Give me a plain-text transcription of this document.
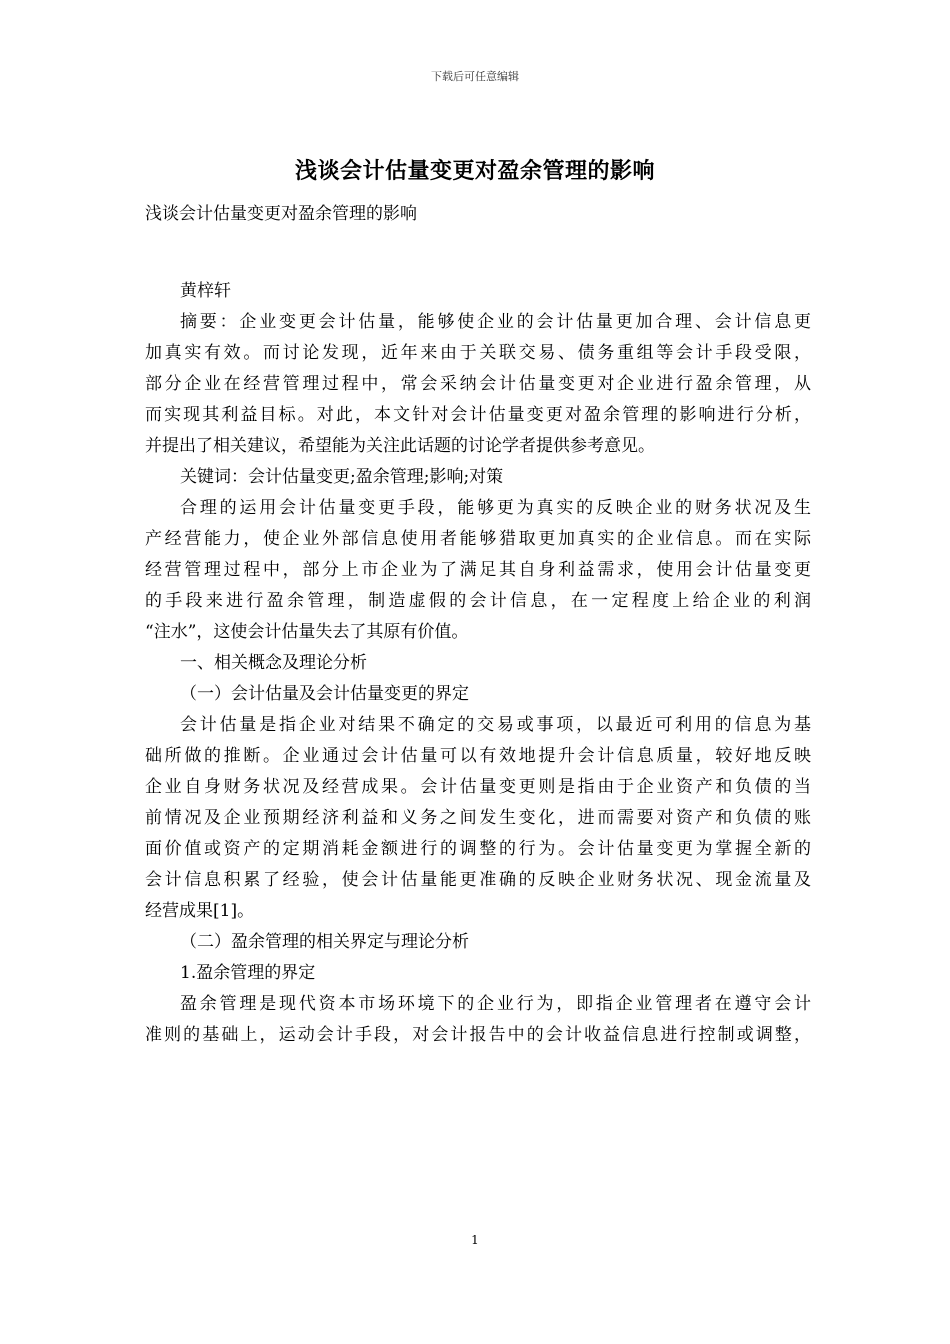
下载后可任意编辑
浅谈会计估量变更对盈余管理的影响
浅谈会计估量变更对盈余管理的影响
黄梓轩
摘要：企业变更会计估量，能够使企业的会计估量更加合理、会计信息更
加真实有效。而讨论发现，近年来由于关联交易、债务重组等会计手段受限，
部分企业在经营管理过程中，常会采纳会计估量变更对企业进行盈余管理，从
而实现其利益目标。对此，本文针对会计估量变更对盈余管理的影响进行分析，
并提出了相关建议，希望能为关注此话题的讨论学者提供参考意见。
关键词：会计估量变更;盈余管理;影响;对策
合理的运用会计估量变更手段，能够更为真实的反映企业的财务状况及生
产经营能力，使企业外部信息使用者能够猎取更加真实的企业信息。而在实际
经营管理过程中，部分上市企业为了满足其自身利益需求，使用会计估量变更
的手段来进行盈余管理，制造虚假的会计信息，在一定程度上给企业的利润
“注水”，这使会计估量失去了其原有价值。
一、相关概念及理论分析
（一）会计估量及会计估量变更的界定
会计估量是指企业对结果不确定的交易或事项，以最近可利用的信息为基
础所做的推断。企业通过会计估量可以有效地提升会计信息质量，较好地反映
企业自身财务状况及经营成果。会计估量变更则是指由于企业资产和负债的当
前情况及企业预期经济利益和义务之间发生变化，进而需要对资产和负债的账
面价值或资产的定期消耗金额进行的调整的行为。会计估量变更为掌握全新的
会计信息积累了经验，使会计估量能更准确的反映企业财务状况、现金流量及
经营成果[1]。
（二）盈余管理的相关界定与理论分析
1.盈余管理的界定
盈余管理是现代资本市场环境下的企业行为，即指企业管理者在遵守会计
准则的基础上，运动会计手段，对会计报告中的会计收益信息进行控制或调整，
1
